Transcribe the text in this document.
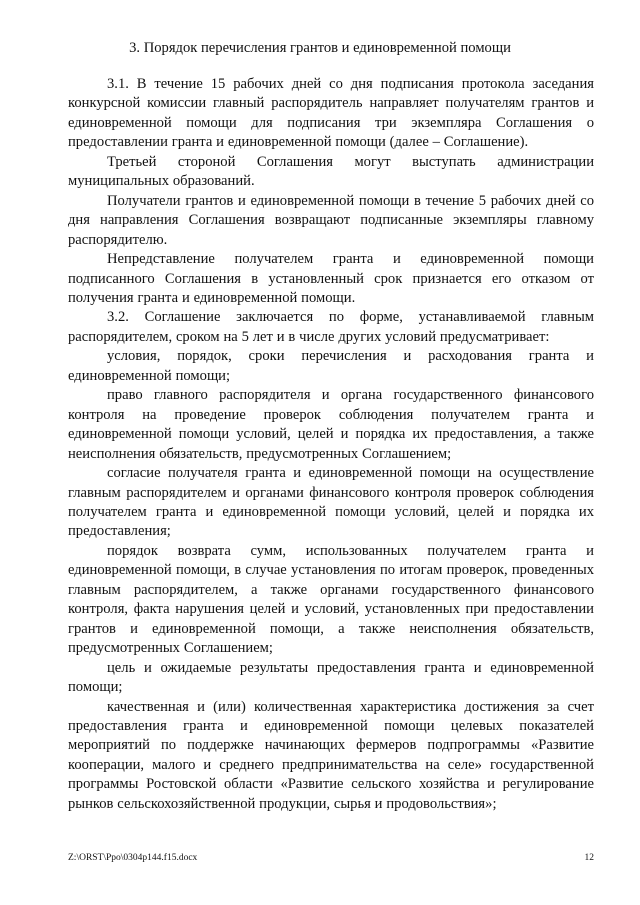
3. Порядок перечисления грантов и единовременной помощи

3.1. В течение 15 рабочих дней со дня подписания протокола заседания конкурсной комиссии главный распорядитель направляет получателям грантов и единовременной помощи для подписания три экземпляра Соглашения о предоставлении гранта и единовременной помощи (далее – Соглашение).

Третьей стороной Соглашения могут выступать администрации муниципальных образований.

Получатели грантов и единовременной помощи в течение 5 рабочих дней со дня направления Соглашения возвращают подписанные экземпляры главному распорядителю.

Непредставление получателем гранта и единовременной помощи подписанного Соглашения в установленный срок признается его отказом от получения гранта и единовременной помощи.

3.2. Соглашение заключается по форме, устанавливаемой главным распорядителем, сроком на 5 лет и в числе других условий предусматривает:

условия, порядок, сроки перечисления и расходования гранта и единовременной помощи;

право главного распорядителя и органа государственного финансового контроля на проведение проверок соблюдения получателем гранта и единовременной помощи условий, целей и порядка их предоставления, а также неисполнения обязательств, предусмотренных Соглашением;

согласие получателя гранта и единовременной помощи на осуществление главным распорядителем и органами финансового контроля проверок соблюдения получателем гранта и единовременной помощи условий, целей и порядка их предоставления;

порядок возврата сумм, использованных получателем гранта и единовременной помощи, в случае установления по итогам проверок, проведенных главным распорядителем, а также органами государственного финансового контроля, факта нарушения целей и условий, установленных при предоставлении грантов и единовременной помощи, а также неисполнения обязательств, предусмотренных Соглашением;

цель и ожидаемые результаты предоставления гранта и единовременной помощи;

качественная и (или) количественная характеристика достижения за счет предоставления гранта и единовременной помощи целевых показателей мероприятий по поддержке начинающих фермеров подпрограммы «Развитие кооперации, малого и среднего предпринимательства на селе» государственной программы Ростовской области «Развитие сельского хозяйства и регулирование рынков сельскохозяйственной продукции, сырья и продовольствия»;

Z:\ORST\Ppo\0304p144.f15.docx	12
